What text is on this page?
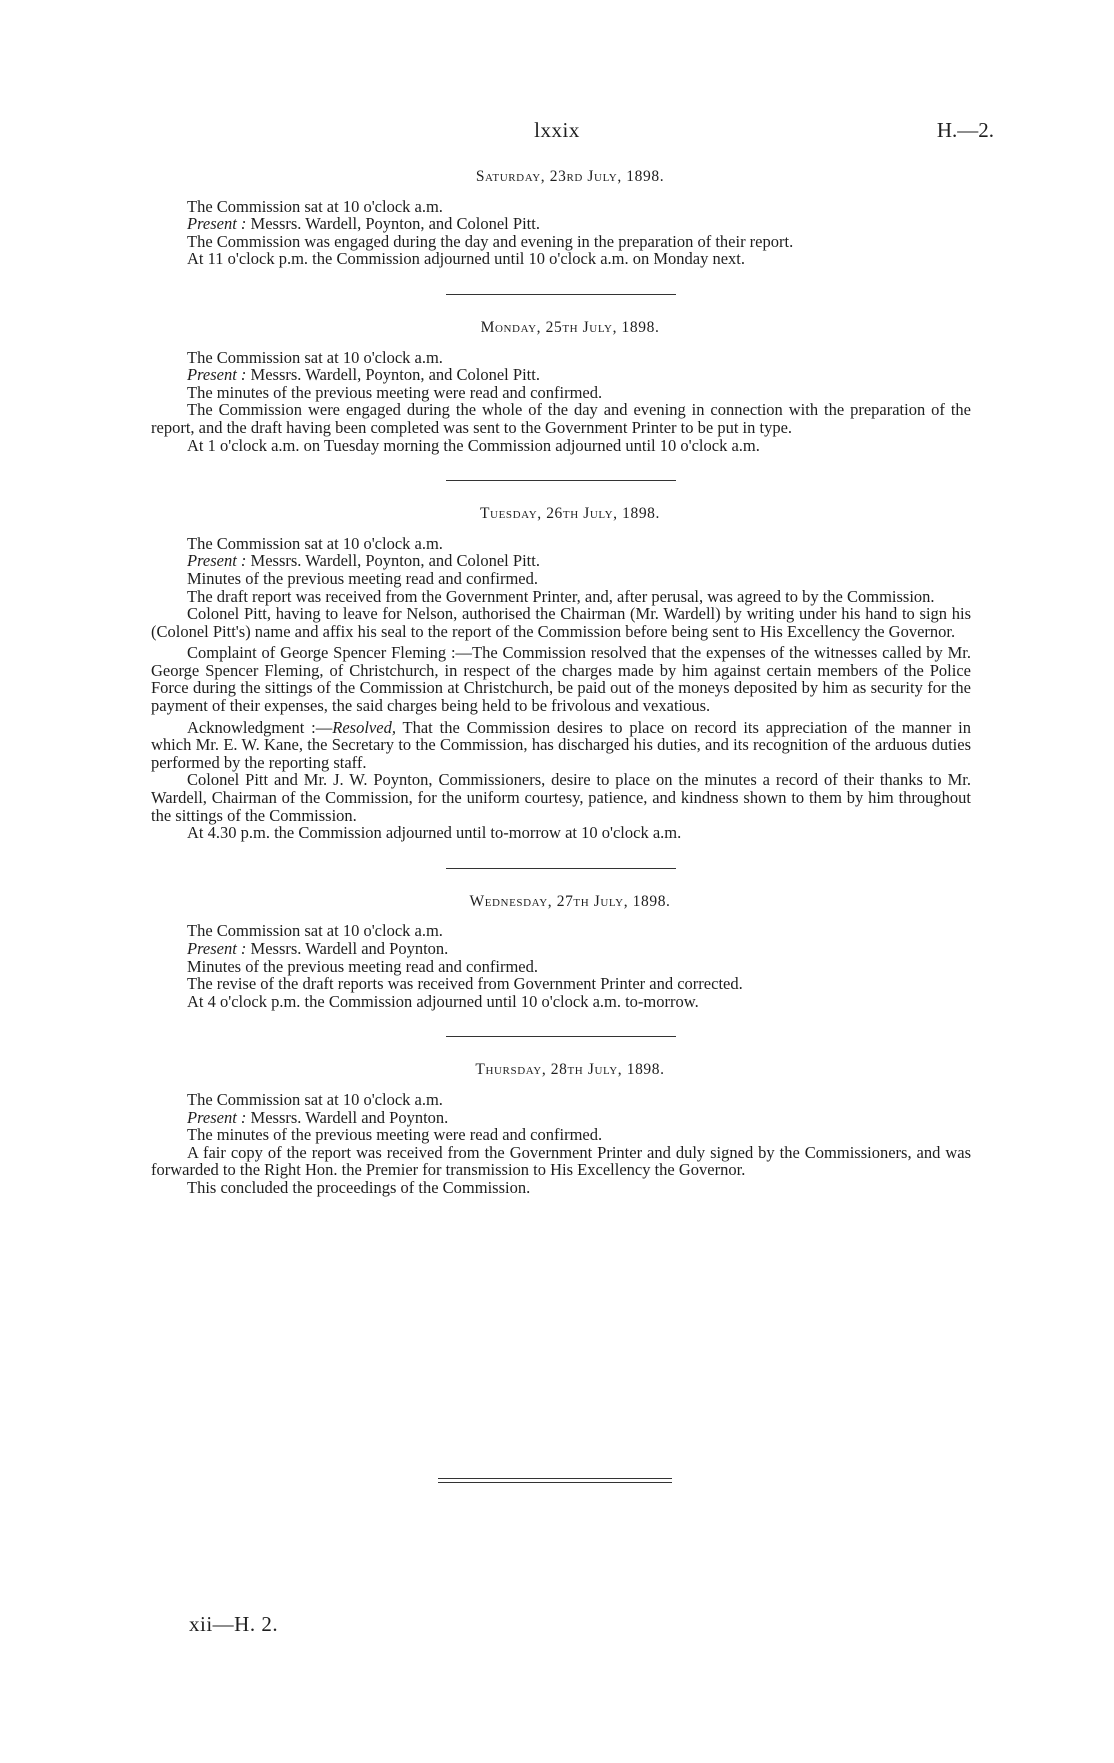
lxxix	H.—2.
Saturday, 23rd July, 1898.

The Commission sat at 10 o'clock a.m.

Present : Messrs. Wardell, Poynton, and Colonel Pitt.

The Commission was engaged during the day and evening in the preparation of their report.

At 11 o'clock p.m. the Commission adjourned until 10 o'clock a.m. on Monday next.

Monday, 25th July, 1898.

The Commission sat at 10 o'clock a.m.

Present : Messrs. Wardell, Poynton, and Colonel Pitt.

The minutes of the previous meeting were read and confirmed.

The Commission were engaged during the whole of the day and evening in connection with the preparation of the report, and the draft having been completed was sent to the Government Printer to be put in type.

At 1 o'clock a.m. on Tuesday morning the Commission adjourned until 10 o'clock a.m.

Tuesday, 26th July, 1898.

The Commission sat at 10 o'clock a.m.

Present : Messrs. Wardell, Poynton, and Colonel Pitt.

Minutes of the previous meeting read and confirmed.

The draft report was received from the Government Printer, and, after perusal, was agreed to by the Commission.

Colonel Pitt, having to leave for Nelson, authorised the Chairman (Mr. Wardell) by writing under his hand to sign his (Colonel Pitt's) name and affix his seal to the report of the Commission before being sent to His Excellency the Governor.

Complaint of George Spencer Fleming :—The Commission resolved that the expenses of the witnesses called by Mr. George Spencer Fleming, of Christchurch, in respect of the charges made by him against certain members of the Police Force during the sittings of the Commission at Christchurch, be paid out of the moneys deposited by him as security for the payment of their expenses, the said charges being held to be frivolous and vexatious.

Acknowledgment :—Resolved, That the Commission desires to place on record its appreciation of the manner in which Mr. E. W. Kane, the Secretary to the Commission, has discharged his duties, and its recognition of the arduous duties performed by the reporting staff.

Colonel Pitt and Mr. J. W. Poynton, Commissioners, desire to place on the minutes a record of their thanks to Mr. Wardell, Chairman of the Commission, for the uniform courtesy, patience, and kindness shown to them by him throughout the sittings of the Commission.

At 4.30 p.m. the Commission adjourned until to-morrow at 10 o'clock a.m.

Wednesday, 27th July, 1898.

The Commission sat at 10 o'clock a.m.

Present : Messrs. Wardell and Poynton.

Minutes of the previous meeting read and confirmed.

The revise of the draft reports was received from Government Printer and corrected.

At 4 o'clock p.m. the Commission adjourned until 10 o'clock a.m. to-morrow.

Thursday, 28th July, 1898.

The Commission sat at 10 o'clock a.m.

Present : Messrs. Wardell and Poynton.

The minutes of the previous meeting were read and confirmed.

A fair copy of the report was received from the Government Printer and duly signed by the Commissioners, and was forwarded to the Right Hon. the Premier for transmission to His Excellency the Governor.

This concluded the proceedings of the Commission.

xii—H. 2.
